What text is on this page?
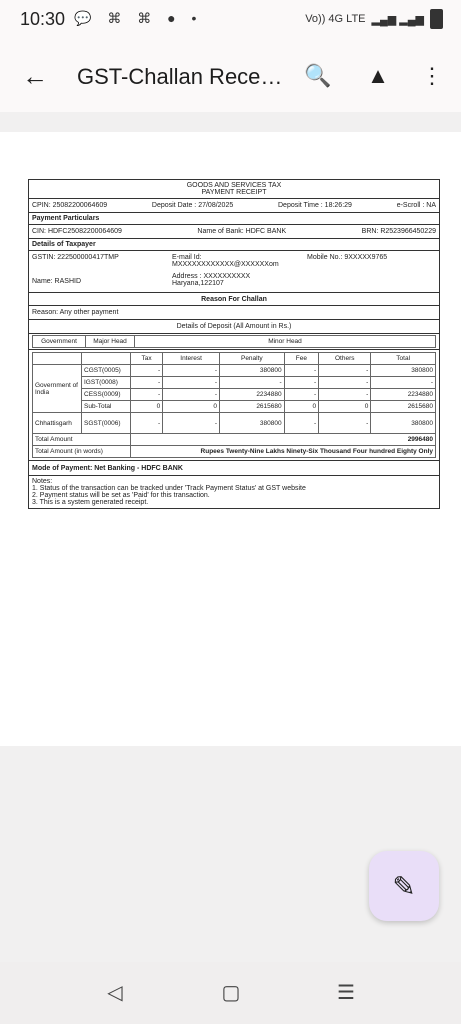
10:30 💬 ⌘ ⌘ ● •	Vo)) 4G LTE ▂▄▆ ▂▄▆
← GST-Challan Rece… 🔍 ▲ ⋮
GOODS AND SERVICES TAX
PAYMENT RECEIPT
CPIN: 25082200064609	Deposit Date : 27/08/2025	Deposit Time : 18:26:29	e-Scroll : NA
Payment Particulars
CIN: HDFC25082200064609	Name of Bank: HDFC BANK	BRN: R2523966450229
Details of Taxpayer
GSTIN: 222500000417TMP
Name: RASHID
E-mail Id:
MXXXXXXXXXXXX@XXXXXXom
Address : XXXXXXXXXX
Haryana,122107
Mobile No.: 9XXXXX9765
Reason For Challan
Reason: Any other payment
Details of Deposit (All Amount in Rs.)
Government	Major Head	Minor Head
		Tax	Interest	Penalty	Fee	Others	Total
Government of India	CGST(0005)	-	-	380800	-	-	380800
	IGST(0008)	-	-	-	-	-	-
	CESS(0009)	-	-	2234880	-	-	2234880
	Sub-Total	0	0	2615680	0	0	2615680
Chhattisgarh	SGST(0006)	-	-	380800	-	-	380800
Total Amount		2996480					
Total Amount (in words)		Rupees Twenty-Nine Lakhs Ninety-Six Thousand Four hundred Eighty Only					
Mode of Payment: Net Banking - HDFC BANK
Notes:
1. Status of the transaction can be tracked under 'Track Payment Status' at GST website
2. Payment status will be set as 'Paid' for this transaction.
3. This is a system generated receipt.
✎
◁	▢	☰
